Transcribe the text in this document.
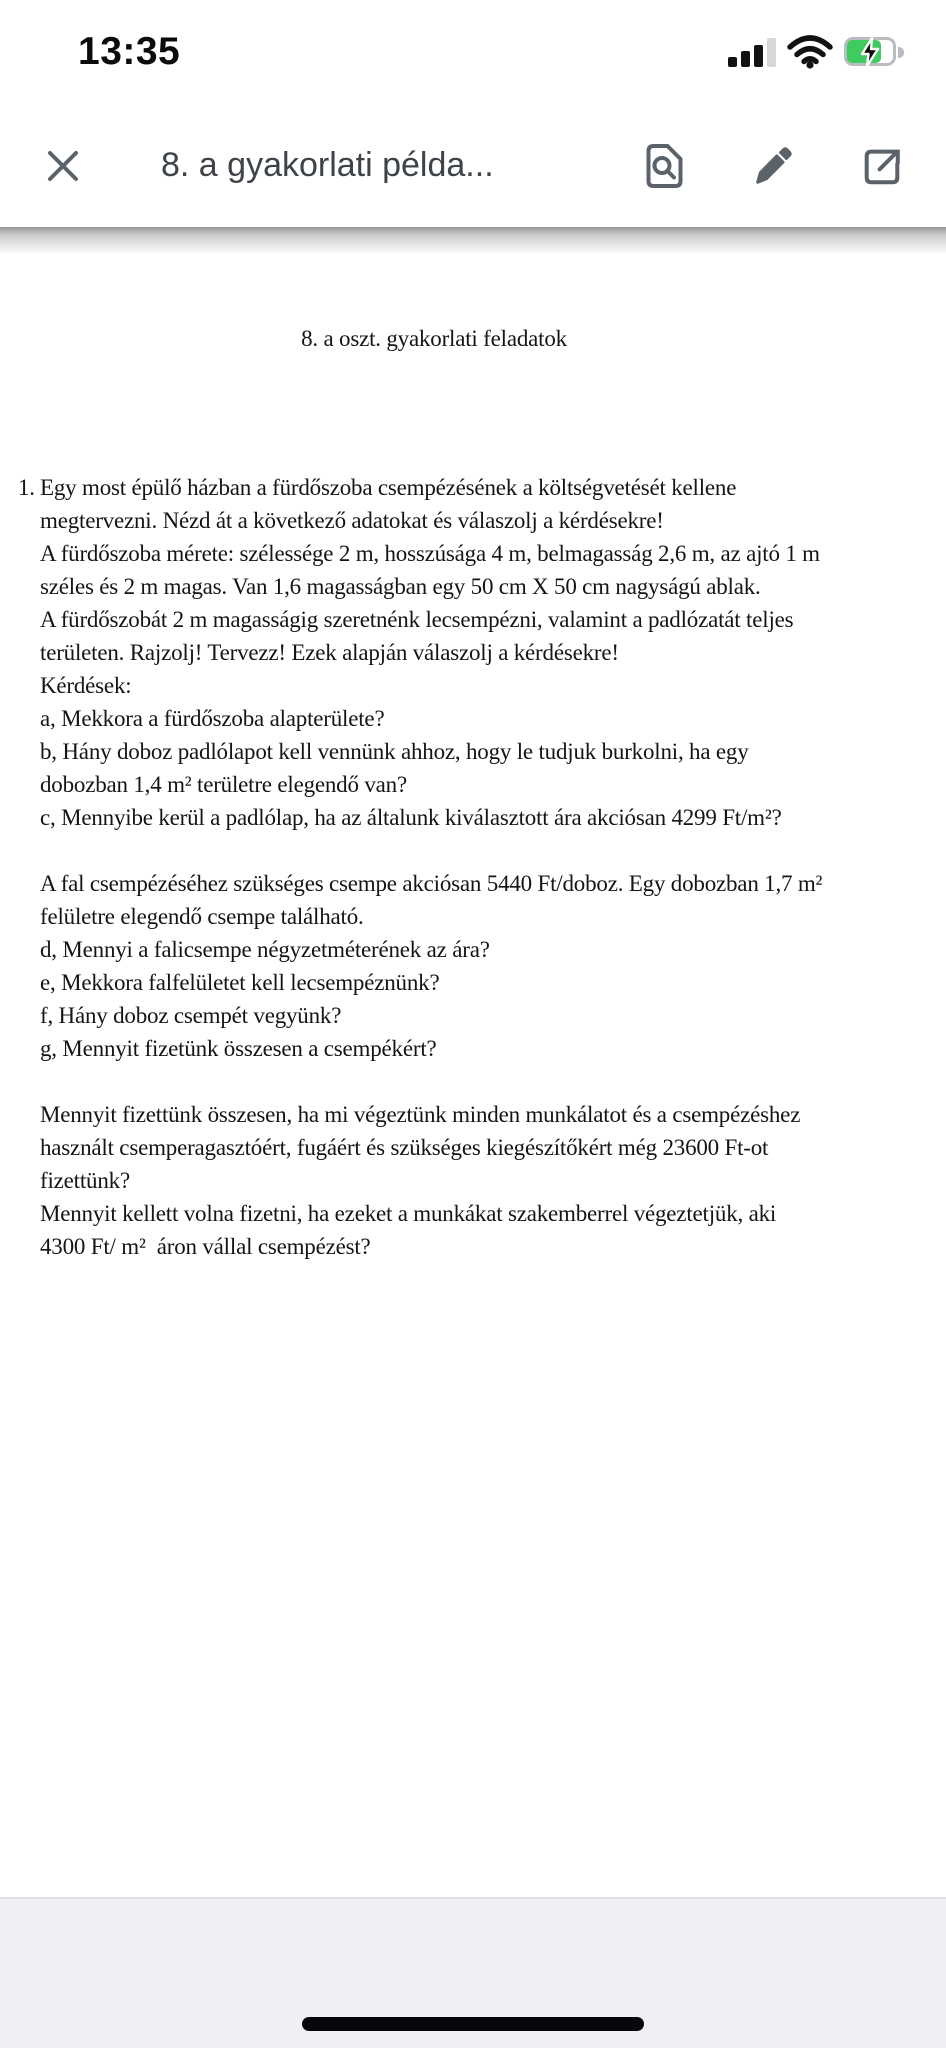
13:35
8. a gyakorlati példa...
8. a oszt. gyakorlati feladatok
1. Egy most épülő házban a fürdőszoba csempézésének a költségvetését kellene
megtervezni. Nézd át a következő adatokat és válaszolj a kérdésekre!
A fürdőszoba mérete: szélessége 2 m, hosszúsága 4 m, belmagasság 2,6 m, az ajtó 1 m
széles és 2 m magas. Van 1,6 magasságban egy 50 cm X 50 cm nagyságú ablak.
A fürdőszobát 2 m magasságig szeretnénk lecsempézni, valamint a padlózatát teljes
területen. Rajzolj! Tervezz! Ezek alapján válaszolj a kérdésekre!
Kérdések:
a, Mekkora a fürdőszoba alapterülete?
b, Hány doboz padlólapot kell vennünk ahhoz, hogy le tudjuk burkolni, ha egy
dobozban 1,4 m² területre elegendő van?
c, Mennyibe kerül a padlólap, ha az általunk kiválasztott ára akciósan 4299 Ft/m²?
A fal csempézéséhez szükséges csempe akciósan 5440 Ft/doboz. Egy dobozban 1,7 m²
felületre elegendő csempe található.
d, Mennyi a falicsempe négyzetméterének az ára?
e, Mekkora falfelületet kell lecsempéznünk?
f, Hány doboz csempét vegyünk?
g, Mennyit fizetünk összesen a csempékért?
Mennyit fizettünk összesen, ha mi végeztünk minden munkálatot és a csempézéshez
használt csemperagasztóért, fugáért és szükséges kiegészítőkért még 23600 Ft-ot
fizettünk?
Mennyit kellett volna fizetni, ha ezeket a munkákat szakemberrel végeztetjük, aki
4300 Ft/ m²  áron vállal csempézést?
